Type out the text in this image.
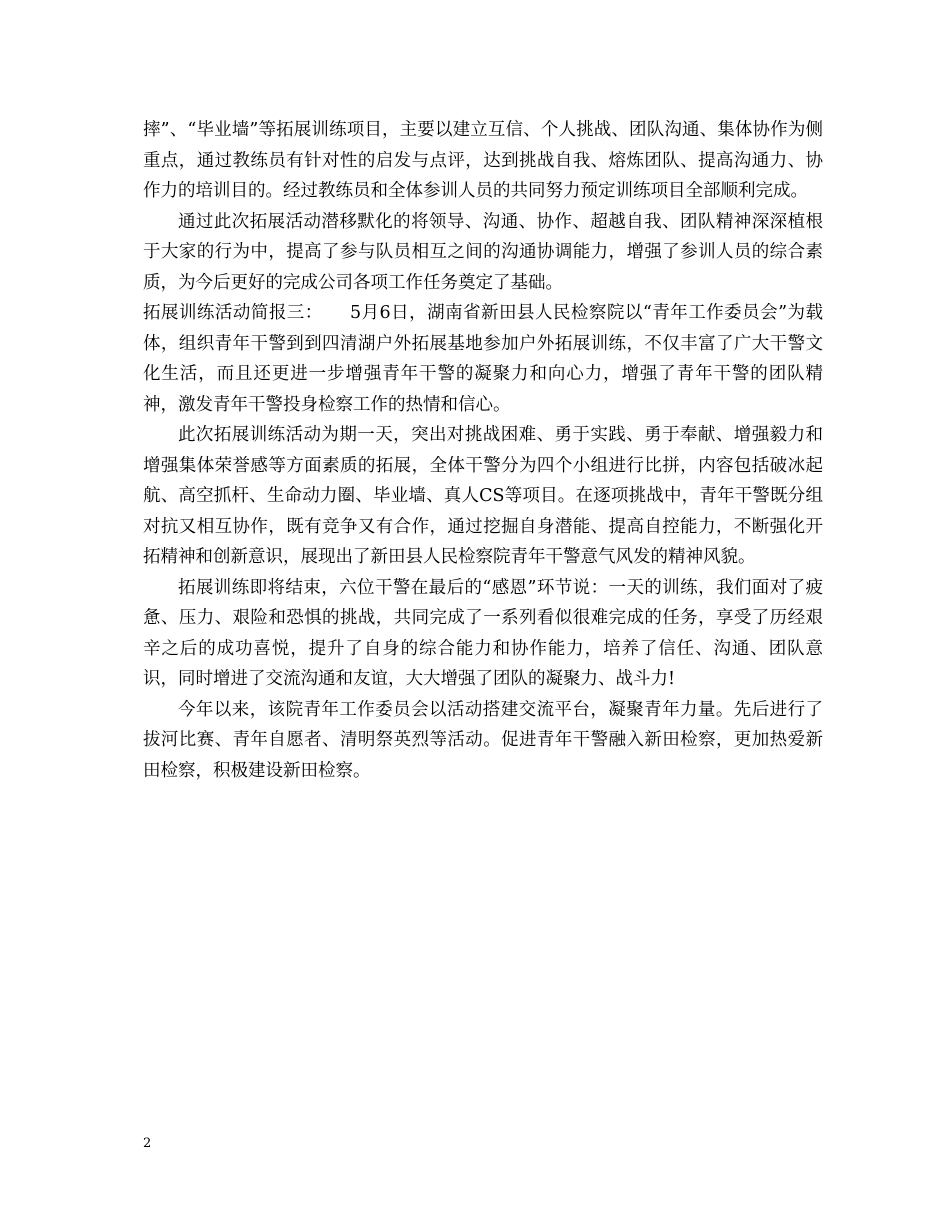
摔”、“毕业墙”等拓展训练项目，主要以建立互信、个人挑战、团队沟通、集体协作为侧重点，通过教练员有针对性的启发与点评，达到挑战自我、熔炼团队、提高沟通力、协作力的培训目的。经过教练员和全体参训人员的共同努力预定训练项目全部顺利完成。

通过此次拓展活动潜移默化的将领导、沟通、协作、超越自我、团队精神深深植根于大家的行为中，提高了参与队员相互之间的沟通协调能力，增强了参训人员的综合素质，为今后更好的完成公司各项工作任务奠定了基础。

拓展训练活动简报三：　　5月6日，湖南省新田县人民检察院以“青年工作委员会”为载体，组织青年干警到到四清湖户外拓展基地参加户外拓展训练，不仅丰富了广大干警文化生活，而且还更进一步增强青年干警的凝聚力和向心力，增强了青年干警的团队精神，激发青年干警投身检察工作的热情和信心。

此次拓展训练活动为期一天，突出对挑战困难、勇于实践、勇于奉献、增强毅力和增强集体荣誉感等方面素质的拓展，全体干警分为四个小组进行比拼，内容包括破冰起航、高空抓杆、生命动力圈、毕业墙、真人CS等项目。在逐项挑战中，青年干警既分组对抗又相互协作，既有竞争又有合作，通过挖掘自身潜能、提高自控能力，不断强化开拓精神和创新意识，展现出了新田县人民检察院青年干警意气风发的精神风貌。

拓展训练即将结束，六位干警在最后的“感恩”环节说：一天的训练，我们面对了疲惫、压力、艰险和恐惧的挑战，共同完成了一系列看似很难完成的任务，享受了历经艰辛之后的成功喜悦，提升了自身的综合能力和协作能力，培养了信任、沟通、团队意识，同时增进了交流沟通和友谊，大大增强了团队的凝聚力、战斗力!

今年以来，该院青年工作委员会以活动搭建交流平台，凝聚青年力量。先后进行了拔河比赛、青年自愿者、清明祭英烈等活动。促进青年干警融入新田检察，更加热爱新田检察，积极建设新田检察。

2
